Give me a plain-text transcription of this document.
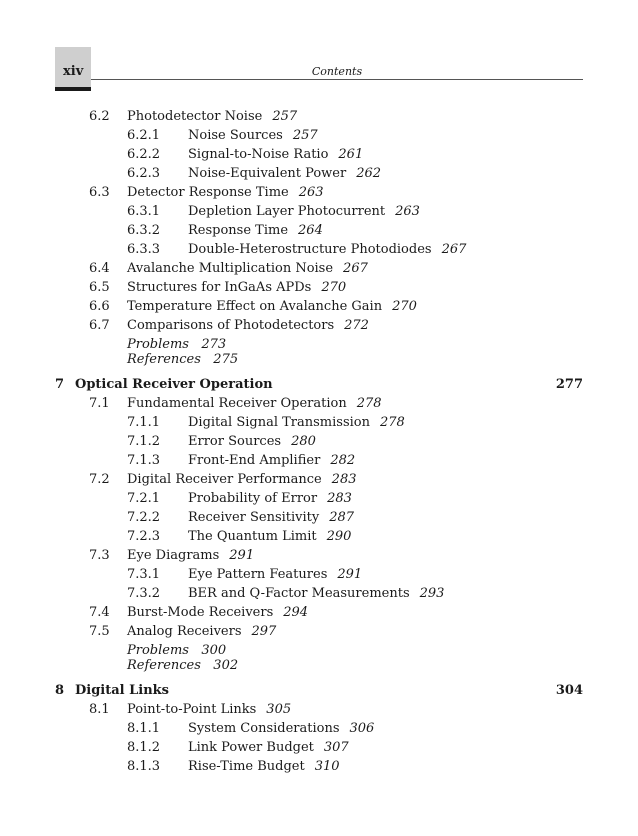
xiv	Contents
6.2 Photodetector Noise 257
6.2.1 Noise Sources 257
6.2.2 Signal-to-Noise Ratio 261
6.2.3 Noise-Equivalent Power 262
6.3 Detector Response Time 263
6.3.1 Depletion Layer Photocurrent 263
6.3.2 Response Time 264
6.3.3 Double-Heterostructure Photodiodes 267
6.4 Avalanche Multiplication Noise 267
6.5 Structures for InGaAs APDs 270
6.6 Temperature Effect on Avalanche Gain 270
6.7 Comparisons of Photodetectors 272
Problems   273
References   275
7 Optical Receiver Operation	277
7.1 Fundamental Receiver Operation 278
7.1.1 Digital Signal Transmission 278
7.1.2 Error Sources 280
7.1.3 Front-End Amplifier 282
7.2 Digital Receiver Performance 283
7.2.1 Probability of Error 283
7.2.2 Receiver Sensitivity 287
7.2.3 The Quantum Limit 290
7.3 Eye Diagrams 291
7.3.1 Eye Pattern Features 291
7.3.2 BER and Q-Factor Measurements 293
7.4 Burst-Mode Receivers 294
7.5 Analog Receivers 297
Problems   300
References   302
8 Digital Links	304
8.1 Point-to-Point Links 305
8.1.1 System Considerations 306
8.1.2 Link Power Budget 307
8.1.3 Rise-Time Budget 310
